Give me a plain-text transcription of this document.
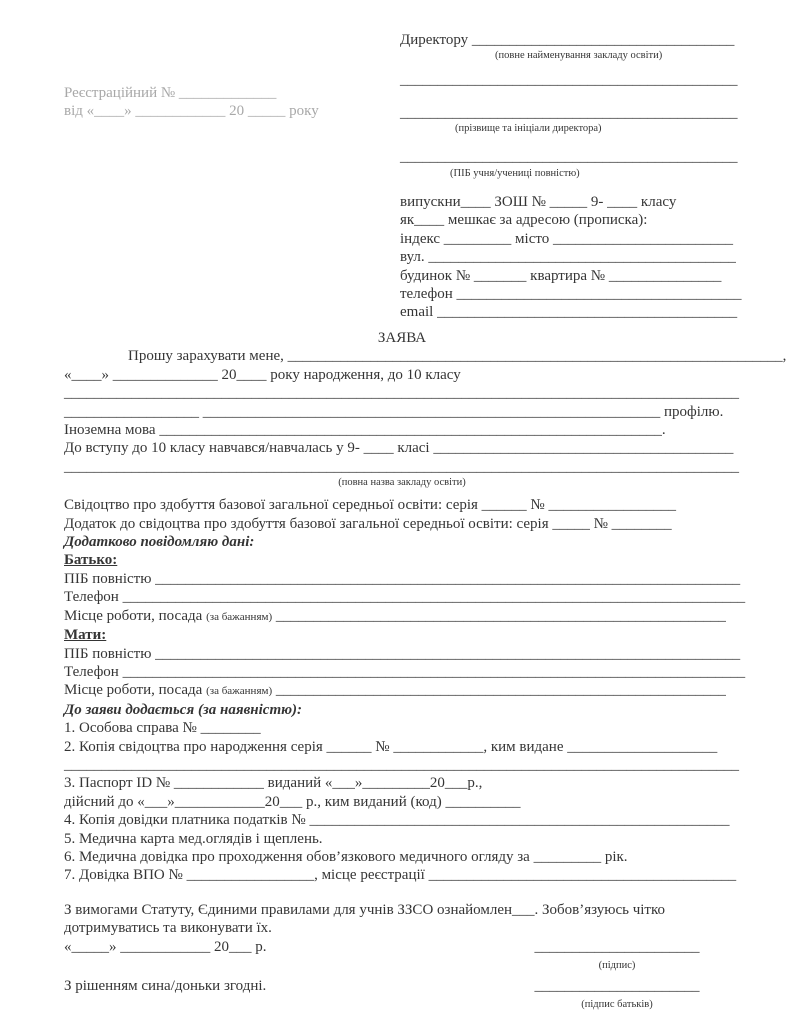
Реєстраційний № _____________
від «____» ____________ 20 _____ року
Директору ___________________________________
(повне найменування закладу освіти)
_____________________________________________
_____________________________________________
(прізвище та ініціали директора)
_____________________________________________
(ПІБ учня/учениці повністю)
випускни____ ЗОШ № _____ 9- ____ класу
як____ мешкає за адресою (прописка):
індекс _________ місто ________________________
вул. _________________________________________
будинок № _______ квартира № _______________
телефон ______________________________________
email ________________________________________
ЗАЯВА
Прошу зарахувати мене, __________________________________________________________________,
«____» ______________ 20____ року народження, до 10 класу
__________________________________________________________________________________________
__________________ _____________________________________________________________ профілю.
Іноземна мова ___________________________________________________________________.
До вступу до 10 класу навчався/навчалась у 9- ____ класі ________________________________________
__________________________________________________________________________________________
(повна назва закладу освіти)
Свідоцтво про здобуття базової загальної середньої освіти: серія ______ № _________________
Додаток до свідоцтва про здобуття базової загальної середньої освіти: серія _____ № ________
Додатково повідомляю дані:
Батько:
ПІБ повністю ______________________________________________________________________________
Телефон ___________________________________________________________________________________
Місце роботи, посада (за бажанням) ____________________________________________________________
Мати:
ПІБ повністю ______________________________________________________________________________
Телефон ___________________________________________________________________________________
Місце роботи, посада (за бажанням) ____________________________________________________________
До заяви додається (за наявністю):
1. Особова справа № ________
2. Копія свідоцтва про народження серія ______ № ____________, ким видане ____________________
__________________________________________________________________________________________
3. Паспорт ID № ____________ виданий «___»_________20___р.,
дійсний до «___»____________20___ р., ким виданий (код) __________
4. Копія довідки платника податків № ________________________________________________________
5. Медична карта мед.оглядів і щеплень.
6. Медична довідка про проходження обов’язкового медичного огляду за _________ рік.
7. Довідка ВПО № _________________, місце реєстрації _________________________________________
З вимогами Статуту, Єдиними правилами для учнів ЗЗСО ознайомлен___. Зобов’язуюсь чітко
дотримуватись та виконувати їх.
«_____» ____________ 20___ р.	______________________
(підпис)
З рішенням сина/доньки згодні.	______________________
(підпис батьків)
